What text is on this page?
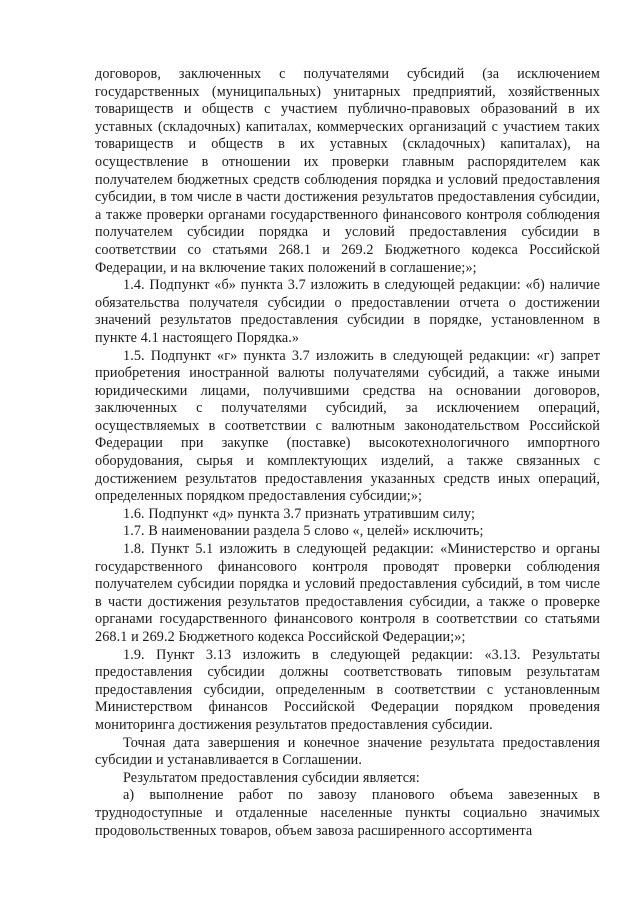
договоров, заключенных с получателями субсидий (за исключением государственных (муниципальных) унитарных предприятий, хозяйственных товариществ и обществ с участием публично-правовых образований в их уставных (складочных) капиталах, коммерческих организаций с участием таких товариществ и обществ в их уставных (складочных) капиталах), на осуществление в отношении их проверки главным распорядителем как получателем бюджетных средств соблюдения порядка и условий предоставления субсидии, в том числе в части достижения результатов предоставления субсидии, а также проверки органами государственного финансового контроля соблюдения получателем субсидии порядка и условий предоставления субсидии в соответствии со статьями 268.1 и 269.2 Бюджетного кодекса Российской Федерации, и на включение таких положений в соглашение;»;

1.4. Подпункт «б» пункта 3.7 изложить в следующей редакции: «б) наличие обязательства получателя субсидии о предоставлении отчета о достижении значений результатов предоставления субсидии в порядке, установленном в пункте 4.1 настоящего Порядка.»

1.5. Подпункт «г» пункта 3.7 изложить в следующей редакции: «г) запрет приобретения иностранной валюты получателями субсидий, а также иными юридическими лицами, получившими средства на основании договоров, заключенных с получателями субсидий, за исключением операций, осуществляемых в соответствии с валютным законодательством Российской Федерации при закупке (поставке) высокотехнологичного импортного оборудования, сырья и комплектующих изделий, а также связанных с достижением результатов предоставления указанных средств иных операций, определенных порядком предоставления субсидии;»;

1.6. Подпункт «д» пункта 3.7 признать утратившим силу;

1.7. В наименовании раздела 5 слово «, целей» исключить;

1.8. Пункт 5.1 изложить в следующей редакции: «Министерство и органы государственного финансового контроля проводят проверки соблюдения получателем субсидии порядка и условий предоставления субсидий, в том числе в части достижения результатов предоставления субсидии, а также о проверке органами государственного финансового контроля в соответствии со статьями 268.1 и 269.2 Бюджетного кодекса Российской Федерации;»;

1.9. Пункт 3.13 изложить в следующей редакции: «3.13. Результаты предоставления субсидии должны соответствовать типовым результатам предоставления субсидии, определенным в соответствии с установленным Министерством финансов Российской Федерации порядком проведения мониторинга достижения результатов предоставления субсидии.

Точная дата завершения и конечное значение результата предоставления субсидии и устанавливается в Соглашении.

Результатом предоставления субсидии является:

а) выполнение работ по завозу планового объема завезенных в труднодоступные и отдаленные населенные пункты социально значимых продовольственных товаров, объем завоза расширенного ассортимента
